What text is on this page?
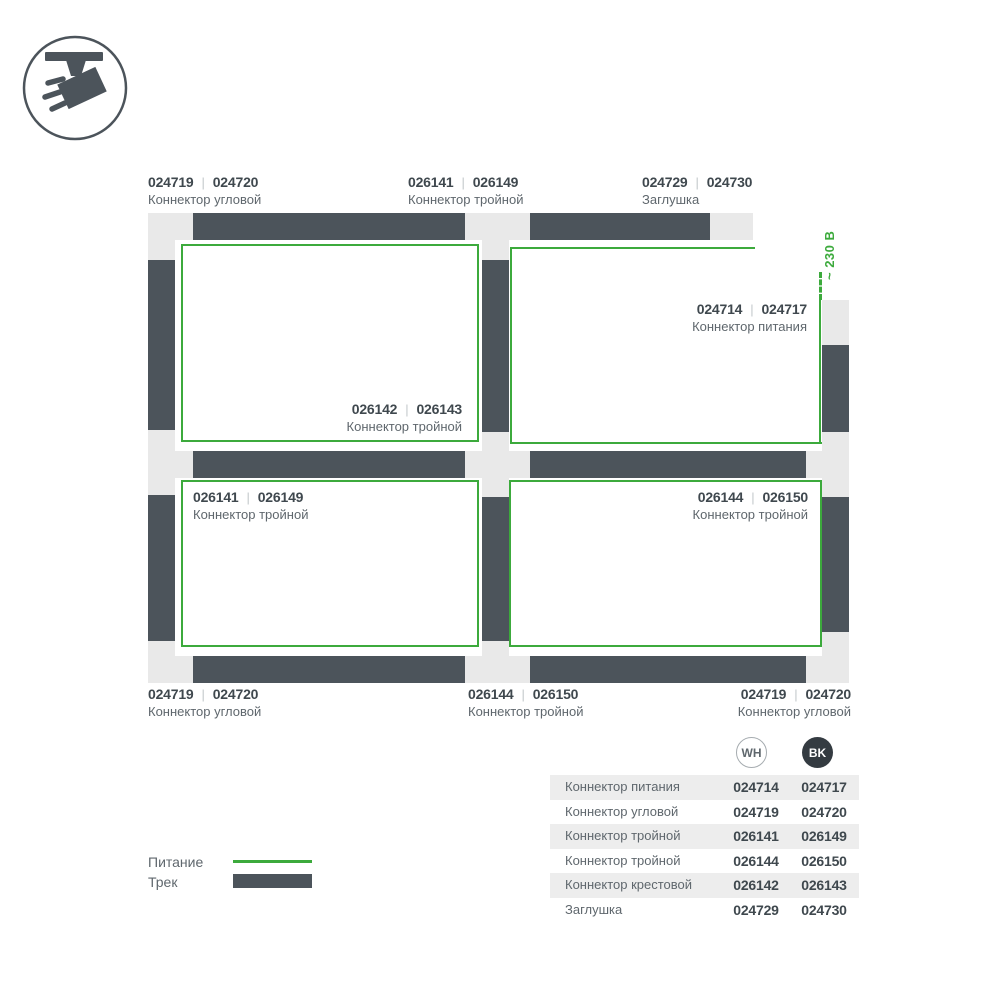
~ 230 В
024719 | 024720
Коннектор угловой
026141 | 026149
Коннектор тройной
024729 | 024730
Заглушка
024714 | 024717
Коннектор питания
026142 | 026143
Коннектор тройной
026141 | 026149
Коннектор тройной
026144 | 026150
Коннектор тройной
024719 | 024720
Коннектор угловой
026144 | 026150
Коннектор тройной
024719 | 024720
Коннектор угловой
Питание
Трек
WH	BK
Коннектор питания	024714	024717
Коннектор угловой	024719	024720
Коннектор тройной	026141	026149
Коннектор тройной	026144	026150
Коннектор крестовой	026142	026143
Заглушка	024729	024730
